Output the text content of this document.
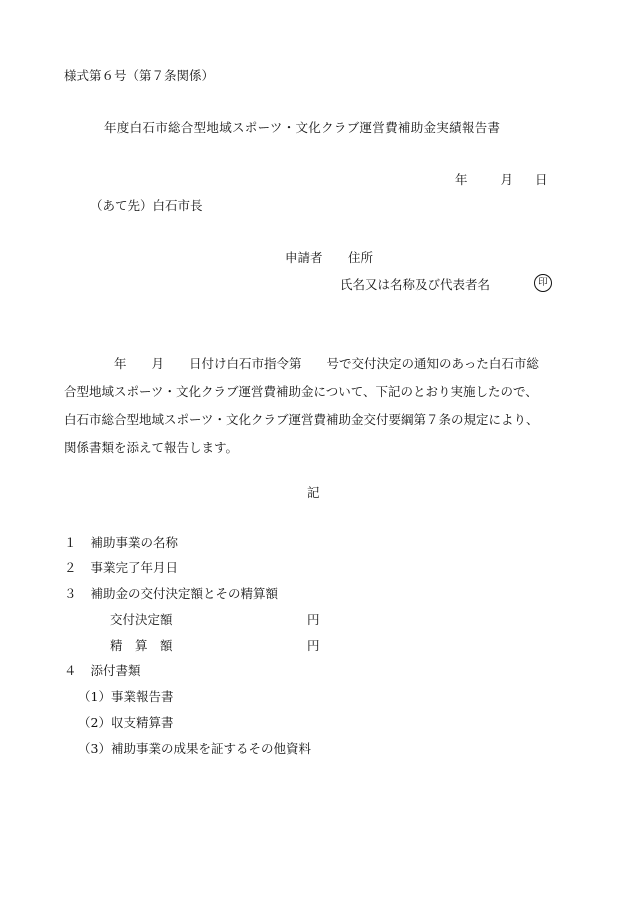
様式第６号（第７条関係）
年度白石市総合型地域スポーツ・文化クラブ運営費補助金実績報告書
年	月 日
（あて先）白石市長
申請者 住所
氏名又は名称及び代表者名	印
　　　　年　　月　　日付け白石市指令第　　号で交付決定の通知のあった白石市総
合型地域スポーツ・文化クラブ運営費補助金について、下記のとおり実施したので、
白石市総合型地域スポーツ・文化クラブ運営費補助金交付要綱第７条の規定により、
関係書類を添えて報告します。
記
１ 補助事業の名称
２ 事業完了年月日
３ 補助金の交付決定額とその精算額
交付決定額	円
精　算　額	円
４ 添付書類
（1）事業報告書
（2）収支精算書
（3）補助事業の成果を証するその他資料
